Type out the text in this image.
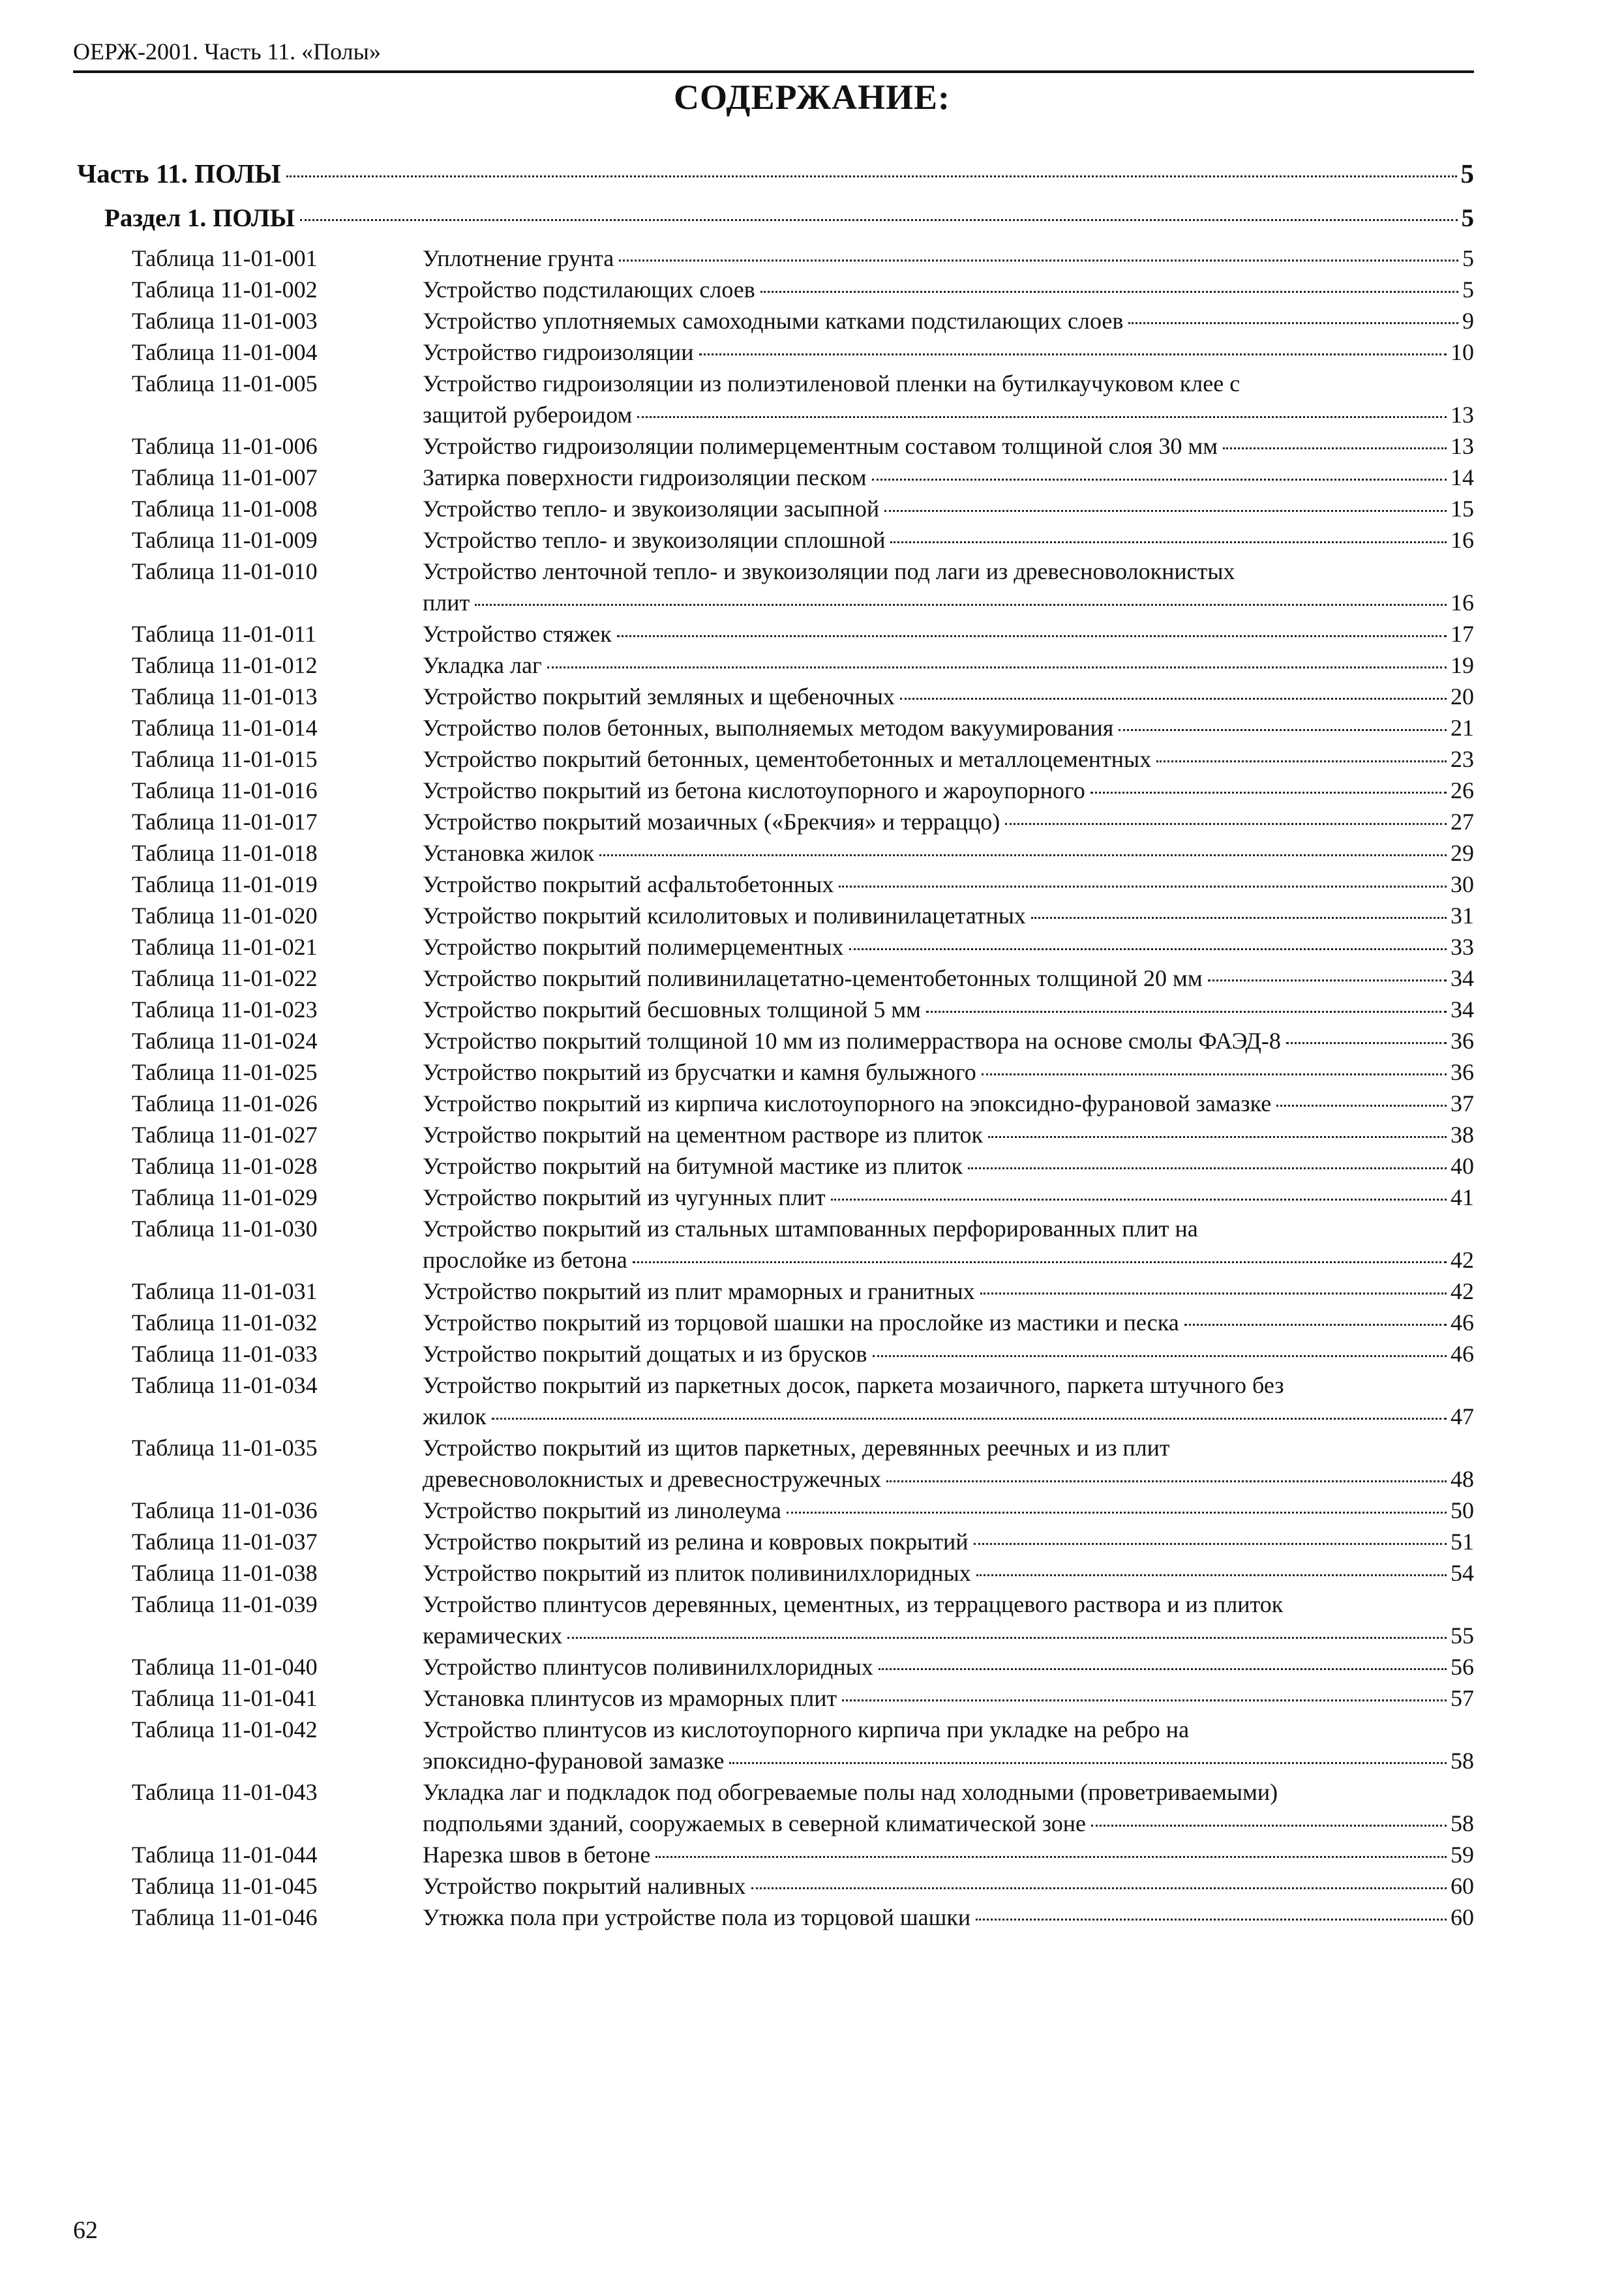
ОЕРЖ-2001. Часть 11. «Полы»
СОДЕРЖАНИЕ:
Часть 11. ПОЛЫ	5
Раздел 1. ПОЛЫ	5
Таблица 11-01-001	Уплотнение грунта	5
Таблица 11-01-002	Устройство подстилающих слоев	5
Таблица 11-01-003	Устройство уплотняемых самоходными катками подстилающих слоев	9
Таблица 11-01-004	Устройство гидроизоляции	10
Таблица 11-01-005	Устройство гидроизоляции из полиэтиленовой пленки на бутилкаучуковом клее с
защитой рубероидом	13
Таблица 11-01-006	Устройство гидроизоляции полимерцементным составом толщиной слоя 30 мм	13
Таблица 11-01-007	Затирка поверхности гидроизоляции песком	14
Таблица 11-01-008	Устройство тепло- и звукоизоляции засыпной	15
Таблица 11-01-009	Устройство тепло- и звукоизоляции сплошной	16
Таблица 11-01-010	Устройство ленточной тепло- и звукоизоляции под лаги из древесноволокнистых
плит	16
Таблица 11-01-011	Устройство стяжек	17
Таблица 11-01-012	Укладка лаг	19
Таблица 11-01-013	Устройство покрытий земляных и щебеночных	20
Таблица 11-01-014	Устройство полов бетонных, выполняемых методом вакуумирования	21
Таблица 11-01-015	Устройство покрытий бетонных, цементобетонных и металлоцементных	23
Таблица 11-01-016	Устройство покрытий из бетона кислотоупорного и жароупорного	26
Таблица 11-01-017	Устройство покрытий мозаичных («Брекчия» и терраццо)	27
Таблица 11-01-018	Установка жилок	29
Таблица 11-01-019	Устройство покрытий асфальтобетонных	30
Таблица 11-01-020	Устройство покрытий ксилолитовых и поливинилацетатных	31
Таблица 11-01-021	Устройство покрытий полимерцементных	33
Таблица 11-01-022	Устройство покрытий поливинилацетатно-цементобетонных толщиной 20 мм	34
Таблица 11-01-023	Устройство покрытий бесшовных толщиной 5 мм	34
Таблица 11-01-024	Устройство покрытий толщиной 10 мм из полимерраствора на основе смолы ФАЭД-8	36
Таблица 11-01-025	Устройство покрытий из брусчатки и камня булыжного	36
Таблица 11-01-026	Устройство покрытий из кирпича кислотоупорного на эпоксидно-фурановой замазке	37
Таблица 11-01-027	Устройство покрытий на цементном растворе из плиток	38
Таблица 11-01-028	Устройство покрытий на битумной мастике из плиток	40
Таблица 11-01-029	Устройство покрытий из чугунных плит	41
Таблица 11-01-030	Устройство покрытий из стальных штампованных перфорированных плит на
прослойке из бетона	42
Таблица 11-01-031	Устройство покрытий из плит мраморных и гранитных	42
Таблица 11-01-032	Устройство покрытий из торцовой шашки на прослойке из мастики и песка	46
Таблица 11-01-033	Устройство покрытий дощатых и из брусков	46
Таблица 11-01-034	Устройство покрытий из паркетных досок, паркета мозаичного, паркета штучного без
жилок	47
Таблица 11-01-035	Устройство покрытий из щитов паркетных, деревянных реечных и из плит
древесноволокнистых и древесностружечных	48
Таблица 11-01-036	Устройство покрытий из линолеума	50
Таблица 11-01-037	Устройство покрытий из релина и ковровых покрытий	51
Таблица 11-01-038	Устройство покрытий из плиток поливинилхлоридных	54
Таблица 11-01-039	Устройство плинтусов деревянных, цементных, из терраццевого раствора и из плиток
керамических	55
Таблица 11-01-040	Устройство плинтусов поливинилхлоридных	56
Таблица 11-01-041	Установка плинтусов из мраморных плит	57
Таблица 11-01-042	Устройство плинтусов из кислотоупорного кирпича при укладке на ребро на
эпоксидно-фурановой замазке	58
Таблица 11-01-043	Укладка лаг и подкладок под обогреваемые полы над холодными (проветриваемыми)
подпольями зданий, сооружаемых в северной климатической зоне	58
Таблица 11-01-044	Нарезка швов в бетоне	59
Таблица 11-01-045	Устройство покрытий наливных	60
Таблица 11-01-046	Утюжка пола при устройстве пола из торцовой шашки	60
62
